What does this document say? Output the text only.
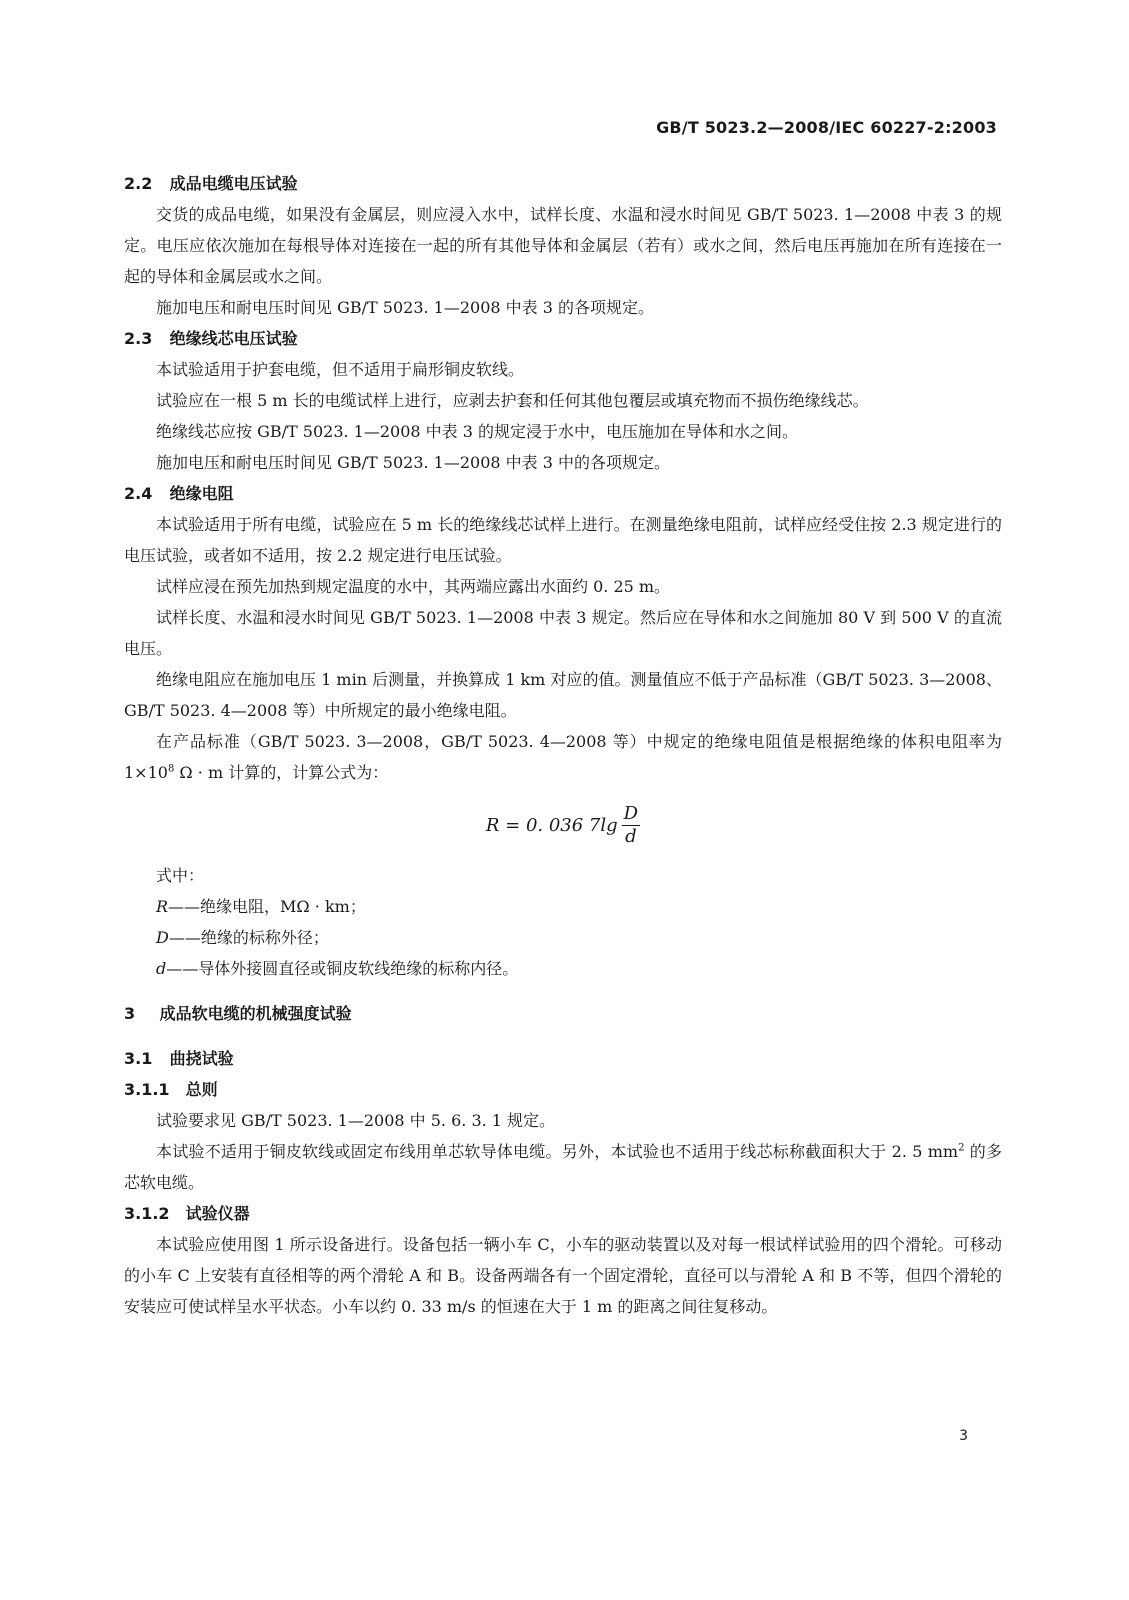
GB/T 5023.2—2008/IEC 60227-2:2003
2.2 成品电缆电压试验

交货的成品电缆，如果没有金属层，则应浸入水中，试样长度、水温和浸水时间见 GB/T 5023. 1—2008 中表 3 的规定。电压应依次施加在每根导体对连接在一起的所有其他导体和金属层（若有）或水之间，然后电压再施加在所有连接在一起的导体和金属层或水之间。

施加电压和耐电压时间见 GB/T 5023. 1—2008 中表 3 的各项规定。

2.3 绝缘线芯电压试验

本试验适用于护套电缆，但不适用于扁形铜皮软线。

试验应在一根 5 m 长的电缆试样上进行，应剥去护套和任何其他包覆层或填充物而不损伤绝缘线芯。

绝缘线芯应按 GB/T 5023. 1—2008 中表 3 的规定浸于水中，电压施加在导体和水之间。

施加电压和耐电压时间见 GB/T 5023. 1—2008 中表 3 中的各项规定。

2.4 绝缘电阻

本试验适用于所有电缆，试验应在 5 m 长的绝缘线芯试样上进行。在测量绝缘电阻前，试样应经受住按 2.3 规定进行的电压试验，或者如不适用，按 2.2 规定进行电压试验。

试样应浸在预先加热到规定温度的水中，其两端应露出水面约 0. 25 m。

试样长度、水温和浸水时间见 GB/T 5023. 1—2008 中表 3 规定。然后应在导体和水之间施加 80 V 到 500 V 的直流电压。

绝缘电阻应在施加电压 1 min 后测量，并换算成 1 km 对应的值。测量值应不低于产品标准（GB/T 5023. 3—2008、GB/T 5023. 4—2008 等）中所规定的最小绝缘电阻。

在产品标准（GB/T 5023. 3—2008，GB/T 5023. 4—2008 等）中规定的绝缘电阻值是根据绝缘的体积电阻率为 $1\times 10^8$ Ω · m 计算的，计算公式为：

R = 0. 036 $7\lg \frac{D}{d}$
式中：
R——绝缘电阻，MΩ · km；
D——绝缘的标称外径；
d——导体外接圆直径或铜皮软线绝缘的标称内径。
3 成品软电缆的机械强度试验
3.1 曲挠试验
3.1.1 总则

试验要求见 GB/T 5023. 1—2008 中 5. 6. 3. 1 规定。

本试验不适用于铜皮软线或固定布线用单芯软导体电缆。另外，本试验也不适用于线芯标称截面积大于 2. 5 $mm^2$ 的多芯软电缆。

3.1.2 试验仪器

本试验应使用图 1 所示设备进行。设备包括一辆小车 C，小车的驱动装置以及对每一根试样试验用的四个滑轮。可移动的小车 C 上安装有直径相等的两个滑轮 A 和 B。设备两端各有一个固定滑轮，直径可以与滑轮 A 和 B 不等，但四个滑轮的安装应可使试样呈水平状态。小车以约 0. 33 m/s 的恒速在大于 1 m 的距离之间往复移动。

3
